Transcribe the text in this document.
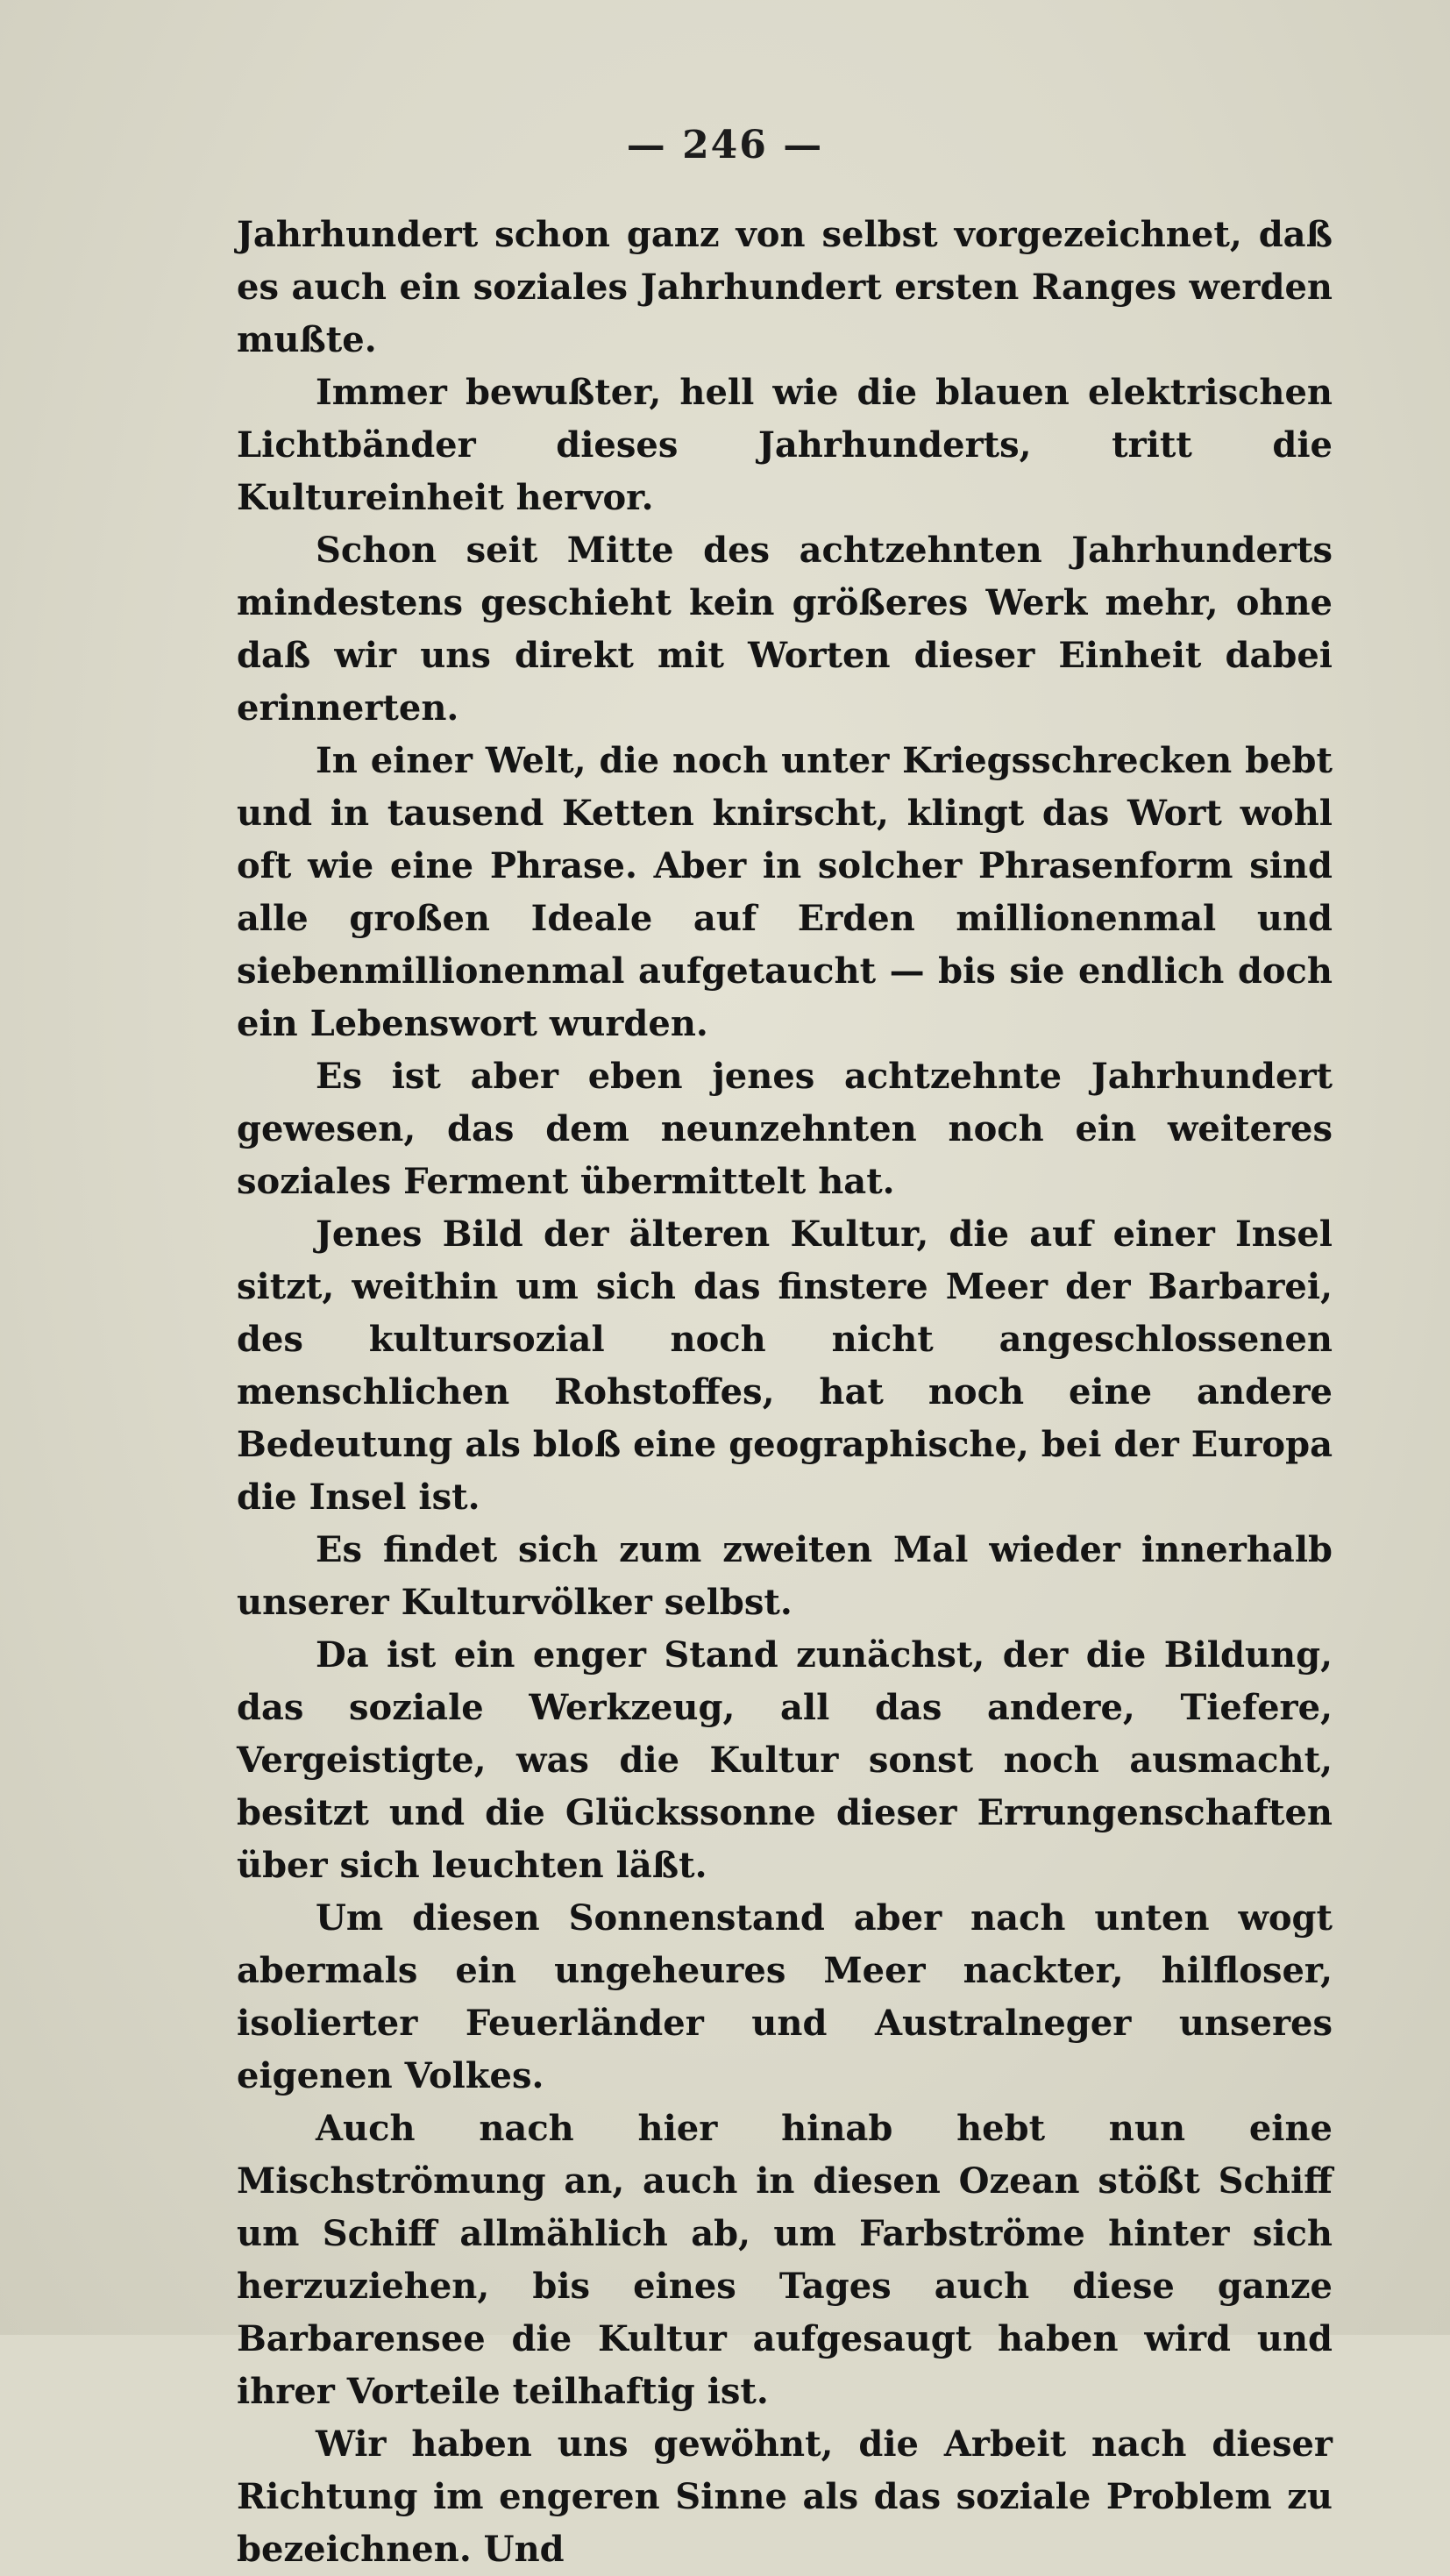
— 246 —

Jahrhundert schon ganz von selbst vorgezeichnet, daß es auch ein soziales Jahrhundert ersten Ranges werden mußte.

Immer bewußter, hell wie die blauen elektrischen Lichtbänder dieses Jahrhunderts, tritt die Kultureinheit hervor.

Schon seit Mitte des achtzehnten Jahrhunderts mindestens geschieht kein größeres Werk mehr, ohne daß wir uns direkt mit Worten dieser Einheit dabei erinnerten.

In einer Welt, die noch unter Kriegsschrecken bebt und in tausend Ketten knirscht, klingt das Wort wohl oft wie eine Phrase. Aber in solcher Phrasenform sind alle großen Ideale auf Erden millionenmal und siebenmillionenmal aufgetaucht — bis sie endlich doch ein Lebenswort wurden.

Es ist aber eben jenes achtzehnte Jahrhundert gewesen, das dem neunzehnten noch ein weiteres soziales Ferment übermittelt hat.

Jenes Bild der älteren Kultur, die auf einer Insel sitzt, weithin um sich das finstere Meer der Barbarei, des kultursozial noch nicht angeschlossenen menschlichen Rohstoffes, hat noch eine andere Bedeutung als bloß eine geographische, bei der Europa die Insel ist.

Es findet sich zum zweiten Mal wieder innerhalb unserer Kulturvölker selbst.

Da ist ein enger Stand zunächst, der die Bildung, das soziale Werkzeug, all das andere, Tiefere, Vergeistigte, was die Kultur sonst noch ausmacht, besitzt und die Glückssonne dieser Errungenschaften über sich leuchten läßt.

Um diesen Sonnenstand aber nach unten wogt abermals ein ungeheures Meer nackter, hilfloser, isolierter Feuerländer und Australneger unseres eigenen Volkes.

Auch nach hier hinab hebt nun eine Mischströmung an, auch in diesen Ozean stößt Schiff um Schiff allmählich ab, um Farbströme hinter sich herzuziehen, bis eines Tages auch diese ganze Barbarensee die Kultur aufgesaugt haben wird und ihrer Vorteile teilhaftig ist.

Wir haben uns gewöhnt, die Arbeit nach dieser Richtung im engeren Sinne als das soziale Problem zu bezeichnen. Und
